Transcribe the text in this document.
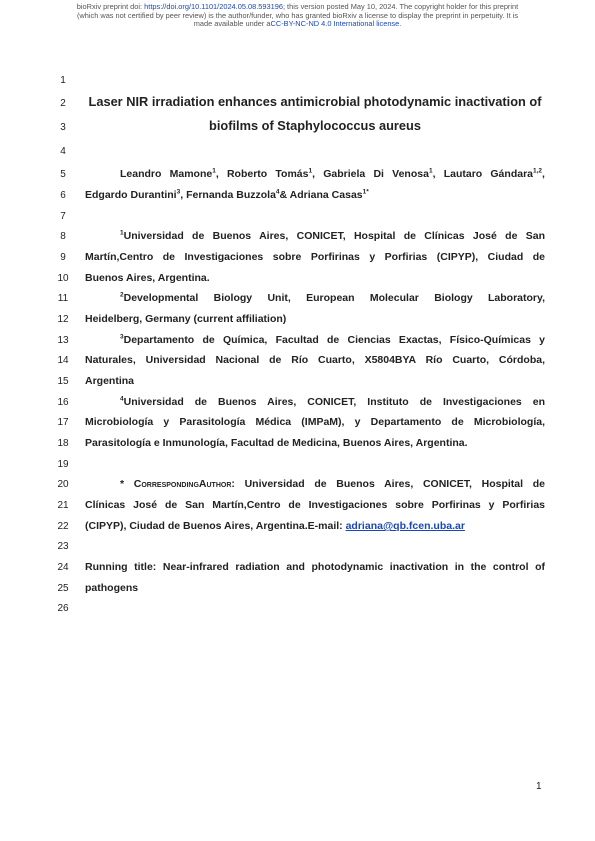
bioRxiv preprint doi: https://doi.org/10.1101/2024.05.08.593196; this version posted May 10, 2024. The copyright holder for this preprint
(which was not certified by peer review) is the author/funder, who has granted bioRxiv a license to display the preprint in perpetuity. It is
made available under aCC-BY-NC-ND 4.0 International license.
1
2
3
4
5
6
7
8
9
10
11
12
13
14
15
16
17
18
19
20
21
22
23
24
25
26
Laser NIR irradiation enhances antimicrobial photodynamic inactivation of
biofilms of Staphylococcus aureus
Leandro Mamone$^1$, Roberto Tomás$^1$, Gabriela Di Venosa$^1$, Lautaro Gándara$^{1,2}$,
Edgardo Durantini$^3$, Fernanda Buzzola$^4$& Adriana Casas$^{1*}$
$^1$Universidad de Buenos Aires, CONICET, Hospital de Clínicas José de San
Martín,Centro de Investigaciones sobre Porfirinas y Porfirias (CIPYP), Ciudad de
Buenos Aires, Argentina.
$^2$Developmental Biology Unit, European Molecular Biology Laboratory,
Heidelberg, Germany (current affiliation)
$^3$Departamento de Química, Facultad de Ciencias Exactas, Físico-Químicas y
Naturales, Universidad Nacional de Río Cuarto, X5804BYA Río Cuarto, Córdoba,
Argentina
$^4$Universidad de Buenos Aires, CONICET, Instituto de Investigaciones en
Microbiología y Parasitología Médica (IMPaM), y Departamento de Microbiología,
Parasitología e Inmunología, Facultad de Medicina, Buenos Aires, Argentina.
* CorrespondingAuthor: Universidad de Buenos Aires, CONICET, Hospital de
Clínicas José de San Martín,Centro de Investigaciones sobre Porfirinas y Porfirias
(CIPYP), Ciudad de Buenos Aires, Argentina.E-mail: adriana@qb.fcen.uba.ar
Running title: Near-infrared radiation and photodynamic inactivation in the control of
pathogens
1
